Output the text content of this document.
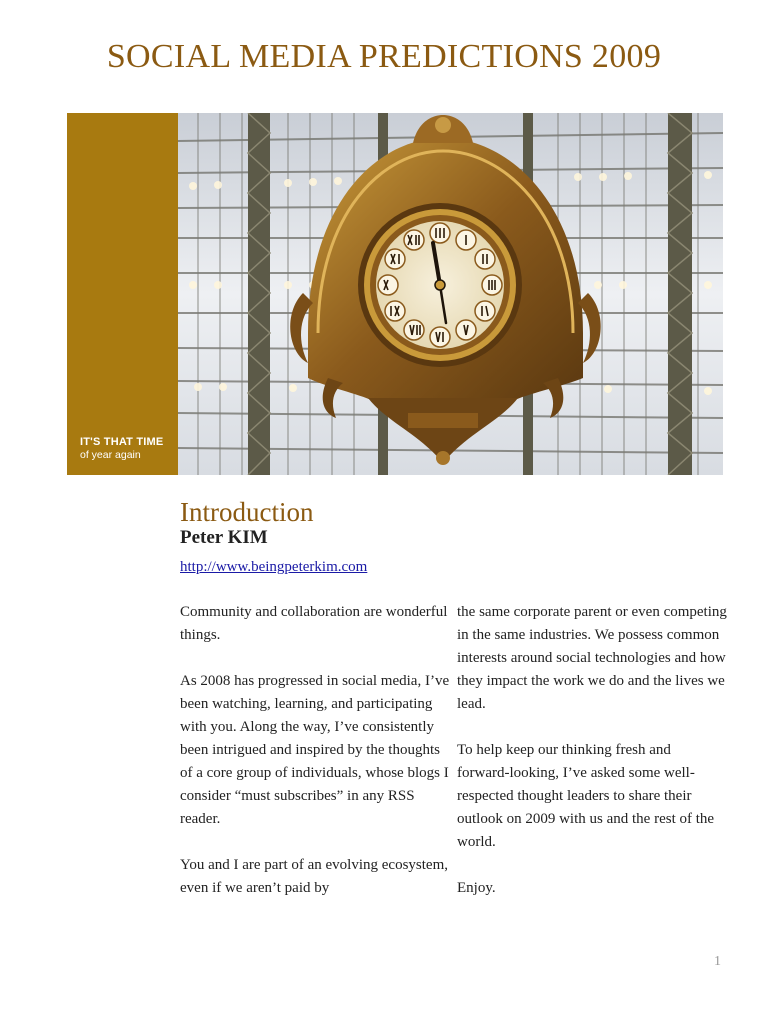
SOCIAL MEDIA PREDICTIONS 2009
IT'S THAT TIME
of year again
Introduction
Peter KIM
http://www.beingpeterkim.com

Community and collaboration are wonderful things.

As 2008 has progressed in social media, I’ve been watching, learning, and participating with you. Along the way, I’ve consistently been intrigued and inspired by the thoughts of a core group of individuals, whose blogs I consider “must subscribes” in any RSS reader.

You and I are part of an evolving ecosystem, even if we aren’t paid by

the same corporate parent or even competing in the same industries. We possess common interests around social technologies and how they impact the work we do and the lives we lead.

To help keep our thinking fresh and forward-looking, I’ve asked some well-respected thought leaders to share their outlook on 2009 with us and the rest of the world.

Enjoy.

1
